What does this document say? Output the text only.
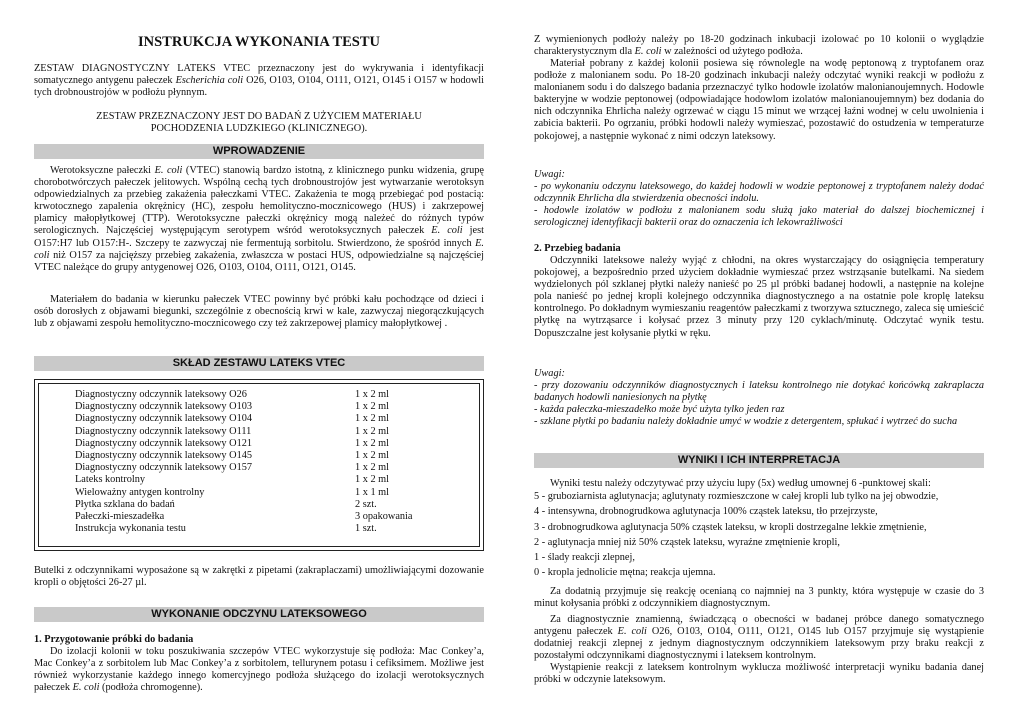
INSTRUKCJA WYKONANIA TESTU

ZESTAW DIAGNOSTYCZNY LATEKS VTEC przeznaczony jest do wykrywania i identyfikacji somatycznego antygenu pałeczek Escherichia coli O26, O103, O104, O111, O121, O145 i O157 w hodowli tych drobnoustrojów w podłożu płynnym.

ZESTAW PRZEZNACZONY JEST DO BADAŃ Z UŻYCIEM MATERIAŁU POCHODZENIA LUDZKIEGO (KLINICZNEGO).

WPROWADZENIE

Werotoksyczne pałeczki E. coli (VTEC) stanowią bardzo istotną, z klinicznego punku widzenia, grupę chorobotwórczych pałeczek jelitowych. Wspólną cechą tych drobnoustrojów jest wytwarzanie werotoksyn odpowiedzialnych za przebieg zakażenia pałeczkami VTEC. Zakażenia te mogą przebiegać pod postacią: krwotocznego zapalenia okrężnicy (HC), zespołu hemolityczno-mocznicowego (HUS) i zakrzepowej plamicy małopłytkowej (TTP). Werotoksyczne pałeczki okrężnicy mogą należeć do różnych typów serologicznych. Najczęściej występującym serotypem wśród werotoksycznych pałeczek E. coli jest O157:H7 lub O157:H-. Szczepy te zazwyczaj nie fermentują sorbitolu. Stwierdzono, że spośród innych E. coli niż O157 za najcięższy przebieg zakażenia, zwłaszcza w postaci HUS, odpowiedzialne są najczęściej VTEC należące do grupy antygenowej O26, O103, O104, O111, O121, O145.

Materiałem do badania w kierunku pałeczek VTEC powinny być próbki kału pochodzące od dzieci i osób dorosłych z objawami biegunki, szczególnie z obecnością krwi w kale, zazwyczaj niegorączkujących lub z objawami zespołu hemolityczno-mocznicowego czy też zakrzepowej plamicy małopłytkowej .

SKŁAD ZESTAWU LATEKS VTEC
Diagnostyczny odczynnik lateksowy O26	1 x 2 ml
Diagnostyczny odczynnik lateksowy O103	1 x 2 ml
Diagnostyczny odczynnik lateksowy O104	1 x 2 ml
Diagnostyczny odczynnik lateksowy O111	1 x 2 ml
Diagnostyczny odczynnik lateksowy O121	1 x 2 ml
Diagnostyczny odczynnik lateksowy O145	1 x 2 ml
Diagnostyczny odczynnik lateksowy O157	1 x 2 ml
Lateks kontrolny	1 x 2 ml
Wieloważny antygen kontrolny	1 x 1 ml
Płytka szklana do badań	2 szt.
Pałeczki-mieszadełka	3 opakowania
Instrukcja wykonania testu	1 szt.

Butelki z odczynnikami wyposażone są w zakrętki z pipetami (zakraplaczami) umożliwiającymi dozowanie kropli o objętości 26-27 µl.

WYKONANIE ODCZYNU LATEKSOWEGO

1. Przygotowanie próbki do badania

Do izolacji kolonii w toku poszukiwania szczepów VTEC wykorzystuje się podłoża: Mac Conkey’a, Mac Conkey’a z sorbitolem lub Mac Conkey’a z sorbitolem, tellurynem potasu i cefiksimem. Możliwe jest również wykorzystanie każdego innego komercyjnego podłoża służącego do izolacji werotoksycznych pałeczek E. coli (podłoża chromogenne).

Z wymienionych podłoży należy po 18-20 godzinach inkubacji izolować po 10 kolonii o wyglądzie charakterystycznym dla E. coli w zależności od użytego podłoża.

Materiał pobrany z każdej kolonii posiewa się równolegle na wodę peptonową z tryptofanem oraz podłoże z malonianem sodu. Po 18-20 godzinach inkubacji należy odczytać wyniki reakcji w podłożu z malonianem sodu i do dalszego badania przeznaczyć tylko hodowle izolatów malonianoujemnych. Hodowle bakteryjne w wodzie peptonowej (odpowiadające hodowlom izolatów malonianoujemnym) bez dodania do nich odczynnika Ehrlicha należy ogrzewać w ciągu 15 minut we wrzącej łaźni wodnej w celu uwolnienia i zabicia bakterii. Po ogrzaniu, próbki hodowli należy wymieszać, pozostawić do ostudzenia w temperaturze pokojowej, a następnie wykonać z nimi odczyn lateksowy.

Uwagi:

- po wykonaniu odczynu lateksowego, do każdej hodowli w wodzie peptonowej z tryptofanem należy dodać odczynnik Ehrlicha dla stwierdzenia obecności indolu.

- hodowle izolatów w podłożu z malonianem sodu służą jako materiał do dalszej biochemicznej i serologicznej identyfikacji bakterii oraz do oznaczenia ich lekowrażliwości

2. Przebieg badania

Odczynniki lateksowe należy wyjąć z chłodni, na okres wystarczający do osiągnięcia temperatury pokojowej, a bezpośrednio przed użyciem dokładnie wymieszać przez wstrząsanie butelkami. Na siedem wydzielonych pól szklanej płytki należy nanieść po 25 µl próbki badanej hodowli, a następnie na kolejne pola nanieść po jednej kropli kolejnego odczynnika diagnostycznego a na ostatnie pole kroplę lateksu kontrolnego. Po dokładnym wymieszaniu reagentów pałeczkami z tworzywa sztucznego, zaleca się umieścić płytkę na wytrząsarce i kołysać przez 3 minuty przy 120 cyklach/minutę. Odczytać wynik testu. Dopuszczalne jest kołysanie płytki w ręku.

Uwagi:

- przy dozowaniu odczynników diagnostycznych i lateksu kontrolnego nie dotykać końcówką zakraplacza badanych hodowli naniesionych na płytkę

- każda pałeczka-mieszadełko może być użyta tylko jeden raz

- szklane płytki po badaniu należy dokładnie umyć w wodzie z detergentem, spłukać i wytrzeć do sucha

WYNIKI I ICH INTERPRETACJA

Wyniki testu należy odczytywać przy użyciu lupy (5x) według umownej 6 -punktowej skali:

5 - gruboziarnista aglutynacja; aglutynaty rozmieszczone w całej kropli lub tylko na jej obwodzie,

4 - intensywna, drobnogrudkowa aglutynacja 100% cząstek lateksu, tło przejrzyste,

3 - drobnogrudkowa aglutynacja 50% cząstek lateksu, w kropli dostrzegalne lekkie zmętnienie,

2 - aglutynacja mniej niż 50% cząstek lateksu, wyraźne zmętnienie kropli,

1 - ślady reakcji zlepnej,

0 - kropla jednolicie mętna; reakcja ujemna.

Za dodatnią przyjmuje się reakcję ocenianą co najmniej na 3 punkty, która występuje w czasie do 3 minut kołysania próbki z odczynnikiem diagnostycznym.

Za diagnostycznie znamienną, świadczącą o obecności w badanej próbce danego somatycznego antygenu pałeczek E. coli O26, O103, O104, O111, O121, O145 lub O157 przyjmuje się wystąpienie dodatniej reakcji zlepnej z jednym diagnostycznym odczynnikiem lateksowym przy braku reakcji z pozostałymi odczynnikami diagnostycznymi i lateksem kontrolnym.

Wystąpienie reakcji z lateksem kontrolnym wyklucza możliwość interpretacji wyniku badania danej próbki w odczynie lateksowym.
